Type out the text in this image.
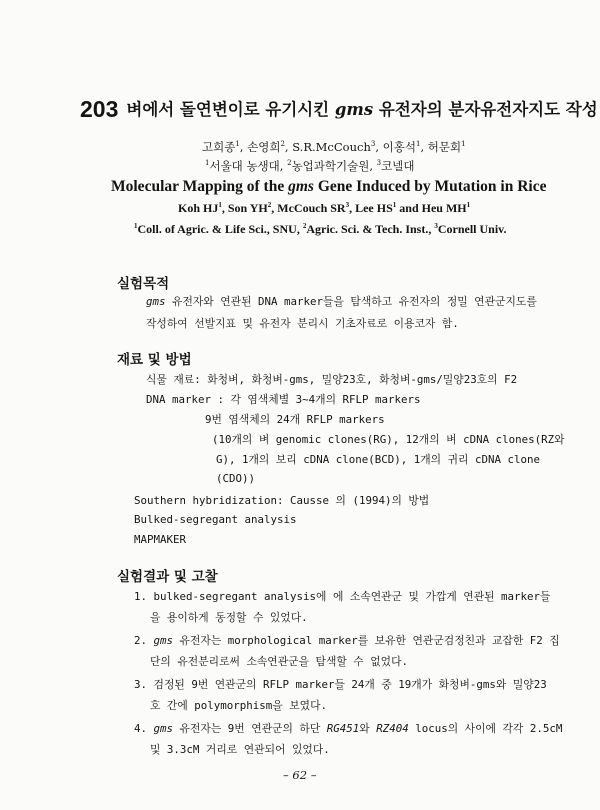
203 벼에서 돌연변이로 유기시킨 gms 유전자의 분자유전자지도 작성
고희종$^1$, 손영희$^2$, S.R.McCouch$^3$, 이홍석$^1$, 허문회$^1$
$^1$서울대 농생대, $^2$농업과학기술원, $^3$코넬대
Molecular Mapping of the gms Gene Induced by Mutation in Rice
Koh $HJ^1$, Son $YH^2$, McCouch $SR^3$, Lee $HS^1$ and Heu $MH^1$
$^1$Coll. of Agric. & Life Sci., SNU, $^2$Agric. Sci. & Tech. Inst., $^3$Cornell Univ.
실험목적
gms 유전자와 연관된 DNA marker들을 탐색하고 유전자의 정밀 연관군지도를
작성하여 선발지표 및 유전자 분리시 기초자료로 이용코자 함.
재료 및 방법
식물 재료: 화청벼, 화청벼-gms, 밀양23호, 화청벼-gms/밀양23호의 F2
DNA marker : 각 염색체별 3~4개의 RFLP markers
9번 염색체의 24개 RFLP markers
(10개의 벼 genomic clones(RG), 12개의 벼 cDNA clones(RZ와
G), 1개의 보리 cDNA clone(BCD), 1개의 귀리 cDNA clone
(CDO))
Southern hybridization: Causse 의 (1994)의 방법
Bulked-segregant analysis
MAPMAKER
실험결과 및 고찰
1. bulked-segregant analysis에 에 소속연관군 및 가깝게 연관된 marker들
을 용이하게 동정할 수 있었다.
2. gms 유전자는 morphological marker를 보유한 연관군검정친과 교잡한 F2 집
단의 유전분리로써 소속연관군을 탐색할 수 없었다.
3. 검정된 9번 연관군의 RFLP marker들 24개 중 19개가 화청벼-gms와 밀양23
호 간에 polymorphism을 보였다.
4. gms 유전자는 9번 연관군의 하단 RG451와 RZ404 locus의 사이에 각각 2.5cM
및 3.3cM 거리로 연관되어 있었다.
– 62 –
